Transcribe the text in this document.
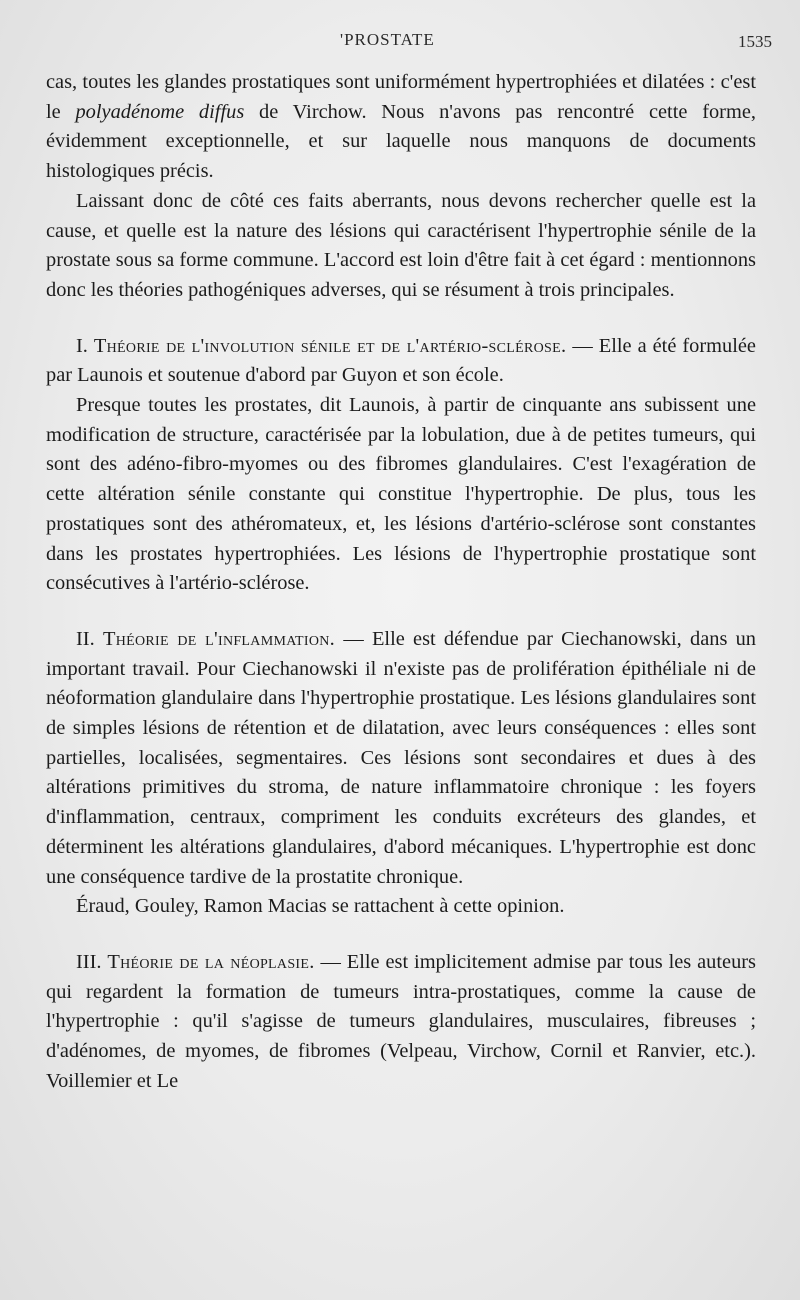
'PROSTATE	1535

cas, toutes les glandes prostatiques sont uniformément hypertrophiées et dilatées : c'est le polyadénome diffus de Virchow. Nous n'avons pas rencontré cette forme, évidemment exceptionnelle, et sur laquelle nous manquons de documents histologiques précis.

Laissant donc de côté ces faits aberrants, nous devons rechercher quelle est la cause, et quelle est la nature des lésions qui caractérisent l'hypertrophie sénile de la prostate sous sa forme commune. L'accord est loin d'être fait à cet égard : mentionnons donc les théories pathogéniques adverses, qui se résument à trois principales.

I. Théorie de l'involution sénile et de l'artério-sclérose. — Elle a été formulée par Launois et soutenue d'abord par Guyon et son école.

Presque toutes les prostates, dit Launois, à partir de cinquante ans subissent une modification de structure, caractérisée par la lobulation, due à de petites tumeurs, qui sont des adéno-fibro-myomes ou des fibromes glandulaires. C'est l'exagération de cette altération sénile constante qui constitue l'hypertrophie. De plus, tous les prostatiques sont des athéromateux, et, les lésions d'artério-sclérose sont constantes dans les prostates hypertrophiées. Les lésions de l'hypertrophie prostatique sont consécutives à l'artério-sclérose.

II. Théorie de l'inflammation. — Elle est défendue par Ciechanowski, dans un important travail. Pour Ciechanowski il n'existe pas de prolifération épithéliale ni de néoformation glandulaire dans l'hypertrophie prostatique. Les lésions glandulaires sont de simples lésions de rétention et de dilatation, avec leurs conséquences : elles sont partielles, localisées, segmentaires. Ces lésions sont secondaires et dues à des altérations primitives du stroma, de nature inflammatoire chronique : les foyers d'inflammation, centraux, compriment les conduits excréteurs des glandes, et déterminent les altérations glandulaires, d'abord mécaniques. L'hypertrophie est donc une conséquence tardive de la prostatite chronique.

Éraud, Gouley, Ramon Macias se rattachent à cette opinion.

III. Théorie de la néoplasie. — Elle est implicitement admise par tous les auteurs qui regardent la formation de tumeurs intra-prostatiques, comme la cause de l'hypertrophie : qu'il s'agisse de tumeurs glandulaires, musculaires, fibreuses ; d'adénomes, de myomes, de fibromes (Velpeau, Virchow, Cornil et Ranvier, etc.). Voillemier et Le
